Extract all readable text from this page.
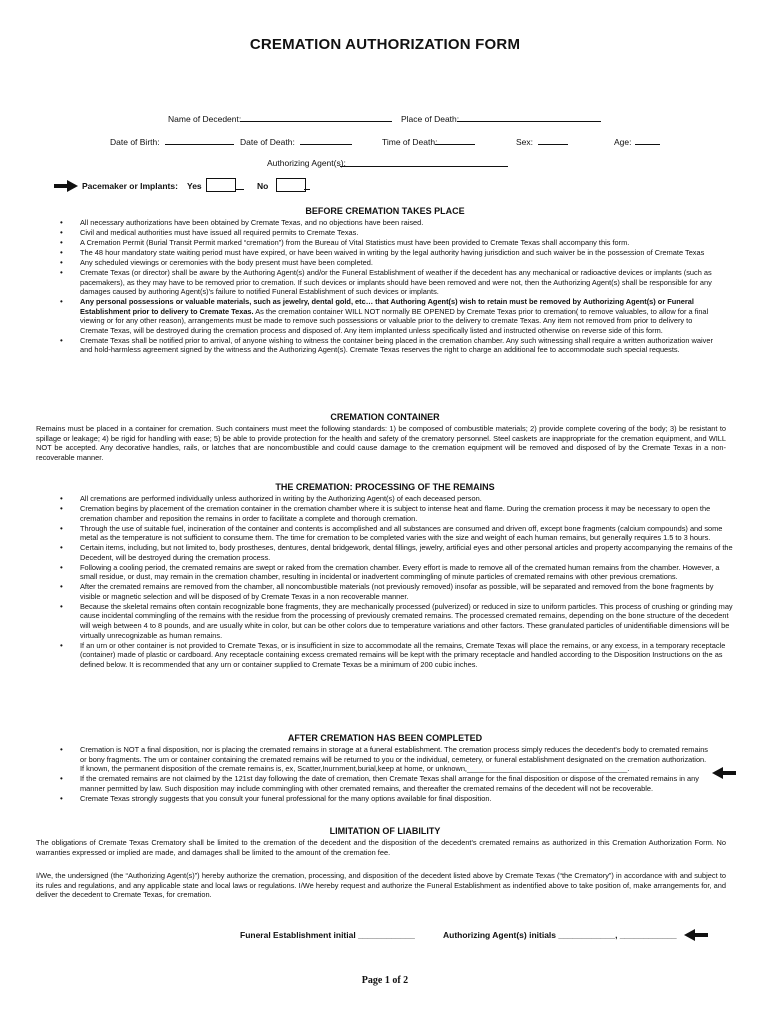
CREMATION AUTHORIZATION FORM
Name of Decedent:	Place of Death:
Date of Birth:	Date of Death:	Time of Death:	Sex:	Age:
Authorizing Agent(s):
Pacemaker or Implants: Yes	No
BEFORE CREMATION TAKES PLACE
• All necessary authorizations have been obtained by Cremate Texas, and no objections have been raised.
• Civil and medical authorities must have issued all required permits to Cremate Texas.
• A Cremation Permit (Burial Transit Permit marked “cremation”) from the Bureau of Vital Statistics must have been provided to Cremate Texas shall accompany this form.
• The 48 hour mandatory state waiting period must have expired, or have been waived in writing by the legal authority having jurisdiction and such waiver be in the possession of Cremate Texas
• Any scheduled viewings or ceremonies with the body present must have been completed.
• Cremate Texas (or director) shall be aware by the Authoring Agent(s) and/or the Funeral Establishment of weather if the decedent has any mechanical or radioactive devices or implants (such as pacemakers), as they may have to be removed prior to cremation. If such devices or implants should have been removed and were not, then the Authorizing Agent(s) shall be responsible for any damages caused by authoring Agent(s)'s failure to notified Funeral Establishment of such devices or implants.
• Any personal possessions or valuable materials, such as jewelry, dental gold, etc… that Authoring Agent(s) wish to retain must be removed by Authorizing Agent(s) or Funeral Establishment prior to delivery to Cremate Texas. As the cremation container WILL NOT normally BE OPENED by Cremate Texas prior to cremation( to remove valuables, to allow for a final viewing or for any other reason), arrangements must be made to remove such possessions or valuable prior to the delivery to cremate Texas. Any item not removed from prior to delivery to Cremate Texas, will be destroyed during the cremation process and disposed of. Any item implanted unless specifically listed and instructed otherwise on reverse side of this form.
• Cremate Texas shall be notified prior to arrival, of anyone wishing to witness the container being placed in the cremation chamber. Any such witnessing shall require a written authorization waiver and hold-harmless agreement signed by the witness and the Authorizing Agent(s). Cremate Texas reserves the right to charge an additional fee to accommodate such special requests.
CREMATION CONTAINER
Remains must be placed in a container for cremation. Such containers must meet the following standards: 1) be composed of combustible materials; 2) provide complete covering of the body; 3) be resistant to spillage or leakage; 4) be rigid for handling with ease; 5) be able to provide protection for the health and safety of the crematory personnel. Steel caskets are inappropriate for the cremation equipment, and WILL NOT be accepted. Any decorative handles, rails, or latches that are noncombustible and could cause damage to the cremation equipment will be removed and disposed of by the Cremate Texas in a non-recoverable manner.
THE CREMATION: PROCESSING OF THE REMAINS
• All cremations are performed individually unless authorized in writing by the Authorizing Agent(s) of each deceased person.
• Cremation begins by placement of the cremation container in the cremation chamber where it is subject to intense heat and flame. During the cremation process it may be necessary to open the cremation chamber and reposition the remains in order to facilitate a complete and thorough cremation.
• Through the use of suitable fuel, incineration of the container and contents is accomplished and all substances are consumed and driven off, except bone fragments (calcium compounds) and some metal as the temperature is not sufficient to consume them. The time for cremation to be completed varies with the size and weight of each human remains, but generally requires 1.5 to 3 hours.
• Certain items, including, but not limited to, body prostheses, dentures, dental bridgework, dental fillings, jewelry, artificial eyes and other personal articles and property accompanying the remains of the Decedent, will be destroyed during the cremation process.
• Following a cooling period, the cremated remains are swept or raked from the cremation chamber. Every effort is made to remove all of the cremated human remains from the chamber. However, a small residue, or dust, may remain in the cremation chamber, resulting in incidental or inadvertent commingling of minute particles of cremated remains with other previous cremations.
• After the cremated remains are removed from the chamber, all noncombustible materials (not previously removed) insofar as possible, will be separated and removed from the bone fragments by visible or magnetic selection and will be disposed of by Cremate Texas in a non recoverable manner.
• Because the skeletal remains often contain recognizable bone fragments, they are mechanically processed (pulverized) or reduced in size to uniform particles. This process of crushing or grinding may cause incidental commingling of the remains with the residue from the processing of previously cremated remains. The processed cremated remains, depending on the bone structure of the decedent will weigh between 4 to 8 pounds, and are usually white in color, but can be other colors due to temperature variations and other factors. These granulated particles of unidentifiable dimensions will be virtually unrecognizable as human remains.
• If an urn or other container is not provided to Cremate Texas, or is insufficient in size to accommodate all the remains, Cremate Texas will place the remains, or any excess, in a temporary receptacle (container) made of plastic or cardboard. Any receptacle containing excess cremated remains will be kept with the primary receptacle and handled according to the Disposition Instructions on the as defined below. It is recommended that any urn or container supplied to Cremate Texas be a minimum of 200 cubic inches.
AFTER CREMATION HAS BEEN COMPLETED
• Cremation is NOT a final disposition, nor is placing the cremated remains in storage at a funeral establishment. The cremation process simply reduces the decedent's body to cremated remains or bony fragments. The urn or container containing the cremated remains will be returned to you or the individual, cemetery, or funeral establishment designated on the cremation authorization. If known, the permanent disposition of the cremate remains is, ex, Scatter,Inurnment,burial,keep at home, or unknown,_______________________________________.
• If the cremated remains are not claimed by the 121st day following the date of cremation, then Cremate Texas shall arrange for the final disposition or dispose of the cremated remains in any manner permitted by law. Such disposition may include commingling with other cremated remains, and thereafter the cremated remains of the decedent will not be recoverable.
• Cremate Texas strongly suggests that you consult your funeral professional for the many options available for final disposition.
LIMITATION OF LIABILITY
The obligations of Cremate Texas Crematory shall be limited to the cremation of the decedent and the disposition of the decedent's cremated remains as authorized in this Cremation Authorization Form. No warranties expressed or implied are made, and damages shall be limited to the amount of the cremation fee.
I/We, the undersigned (the “Authorizing Agent(s)”) hereby authorize the cremation, processing, and disposition of the decedent listed above by Cremate Texas (“the Crematory”) in accordance with and subject to its rules and regulations, and any applicable state and local laws or regulations. I/We hereby request and authorize the Funeral Establishment as indentified above to take position of, make arrangements for, and deliver the decedent to Cremate Texas, for cremation.
Funeral Establishment initial ____________	Authorizing Agent(s) initials ____________, ____________
Page 1 of 2
